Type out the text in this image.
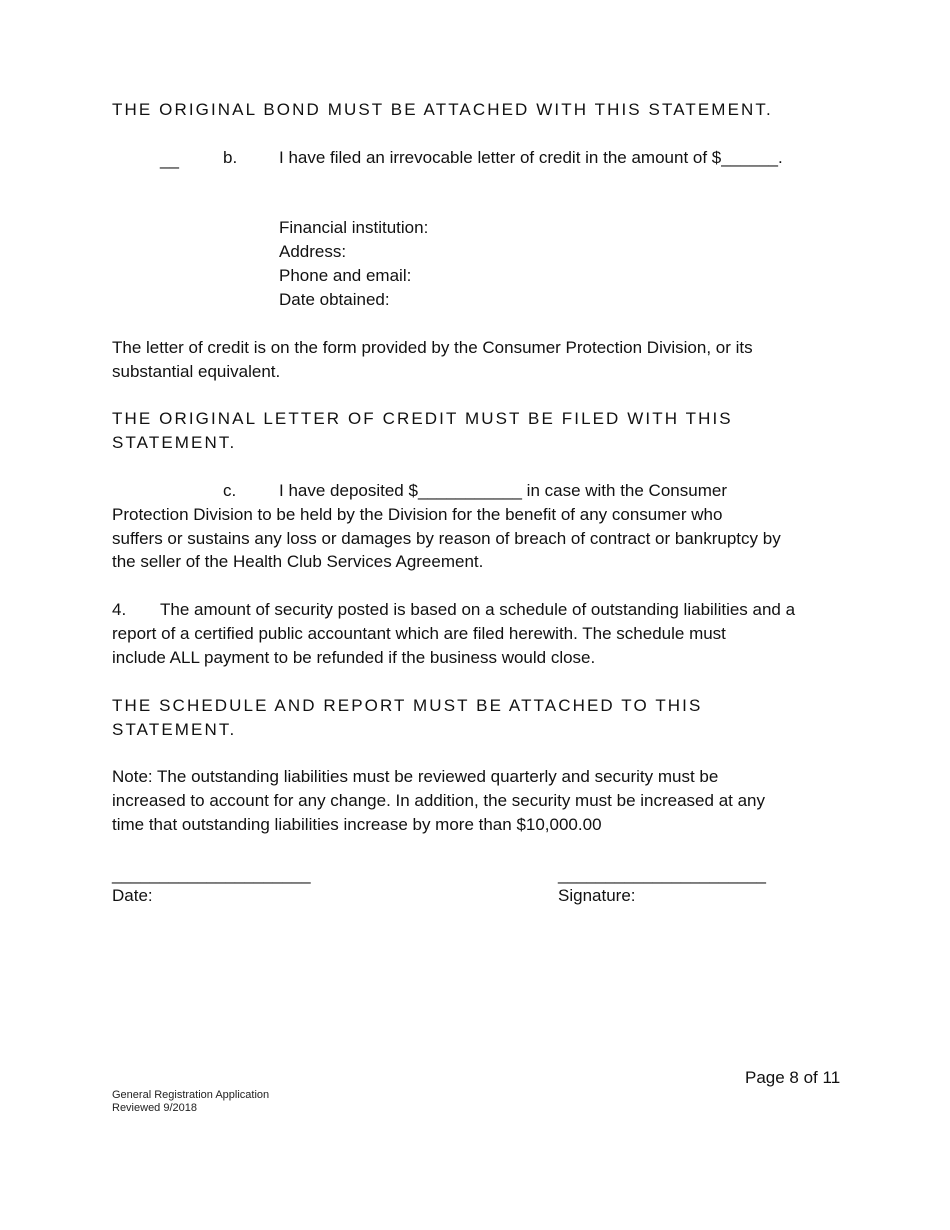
THE ORIGINAL BOND MUST BE ATTACHED WITH THIS STATEMENT.
__	b. I have filed an irrevocable letter of credit in the amount of $______.
Financial institution:
Address:
Phone and email:
Date obtained:
The letter of credit is on the form provided by the Consumer Protection Division, or its
substantial equivalent.
THE ORIGINAL LETTER OF CREDIT MUST BE FILED WITH THIS
STATEMENT.
c.	I have deposited $___________ in case with the Consumer
Protection Division to be held by the Division for the benefit of any consumer who
suffers or sustains any loss or damages by reason of breach of contract or bankruptcy by
the seller of the Health Club Services Agreement.
4. The amount of security posted is based on a schedule of outstanding liabilities and a
report of a certified public accountant which are filed herewith. The schedule must
include ALL payment to be refunded if the business would close.
THE SCHEDULE AND REPORT MUST BE ATTACHED TO THIS
STATEMENT.
Note: The outstanding liabilities must be reviewed quarterly and security must be
increased to account for any change. In addition, the security must be increased at any
time that outstanding liabilities increase by more than $10,000.00
_____________________
Date:
______________________
Signature:
Page 8 of 11
General Registration Application
Reviewed 9/2018
